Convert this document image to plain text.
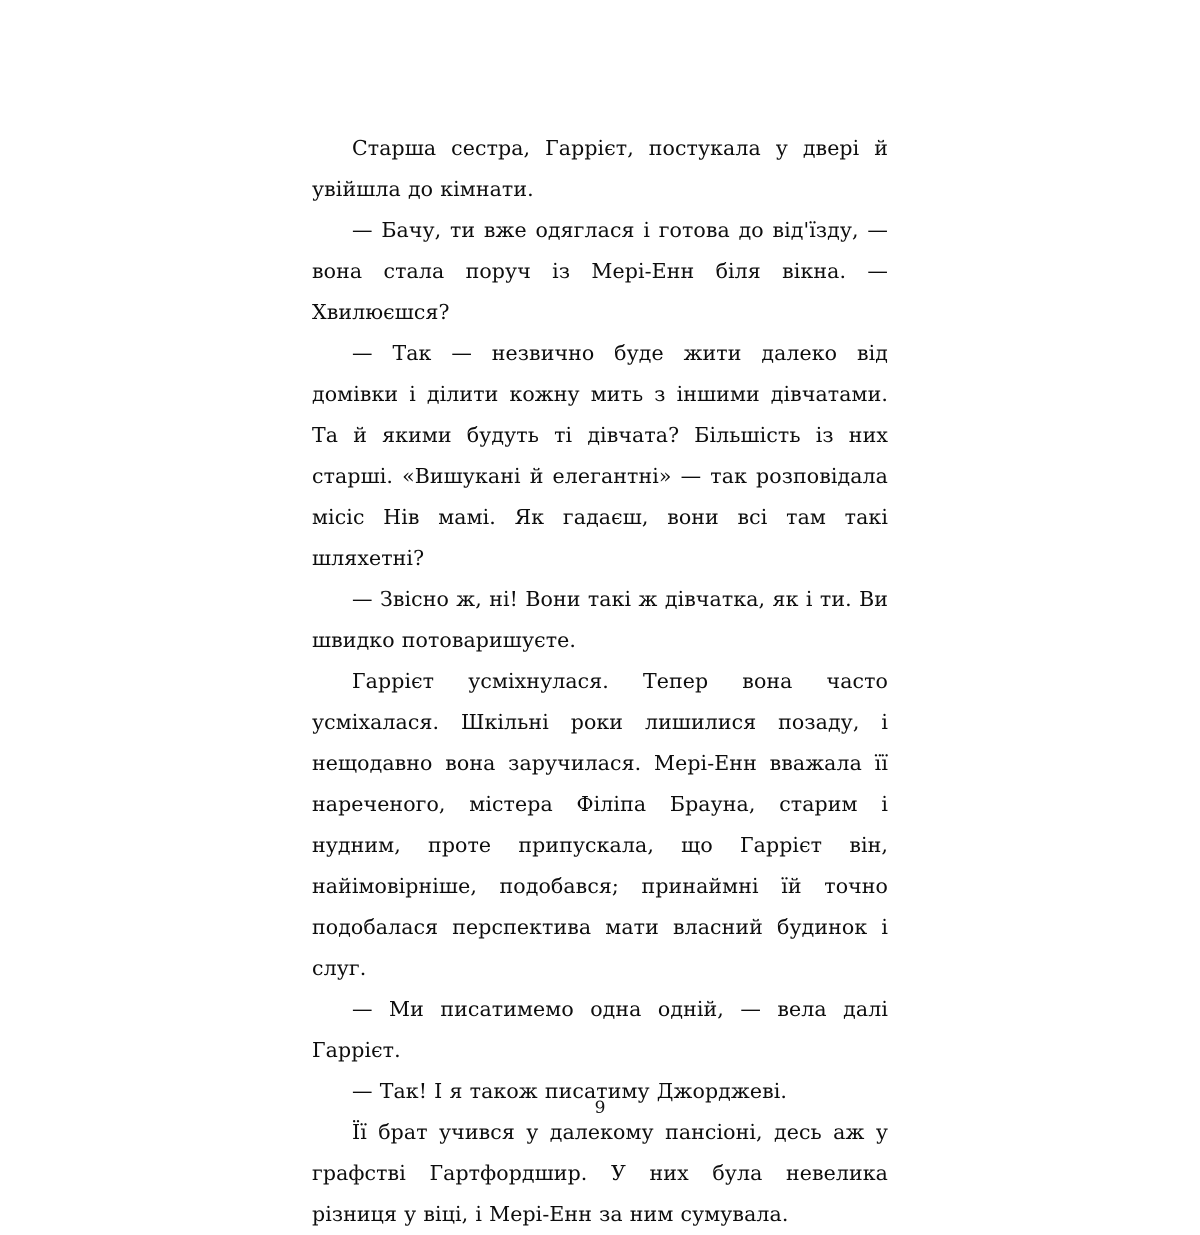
Старша сестра, Гаррієт, постукала у двері й увійшла до кімнати.

— Бачу, ти вже одяглася і готова до від'їзду, — вона стала поруч із Мері-Енн біля вікна. — Хвилюєшся?

— Так — незвично буде жити далеко від домівки і ділити кожну мить з іншими дівчатами. Та й якими будуть ті дівчата? Більшість із них старші. «Вишукані й елегантні» — так розповідала місіс Нів мамі. Як гадаєш, вони всі там такі шляхетні?

— Звісно ж, ні! Вони такі ж дівчатка, як і ти. Ви швидко потоваришуєте.

Гаррієт усміхнулася. Тепер вона часто усміхалася. Шкільні роки лишилися позаду, і нещодавно вона заручилася. Мері-Енн вважала її нареченого, містера Філіпа Брауна, старим і нудним, проте припускала, що Гаррієт він, найімовірніше, подобався; принаймні їй точно подобалася перспектива мати власний будинок і слуг.

— Ми писатимемо одна одній, — вела далі Гаррієт.

— Так! І я також писатиму Джорджеві.

Її брат учився у далекому пансіоні, десь аж у графстві Гартфордшир. У них була невелика різниця у віці, і Мері-Енн за ним сумувала.

9
